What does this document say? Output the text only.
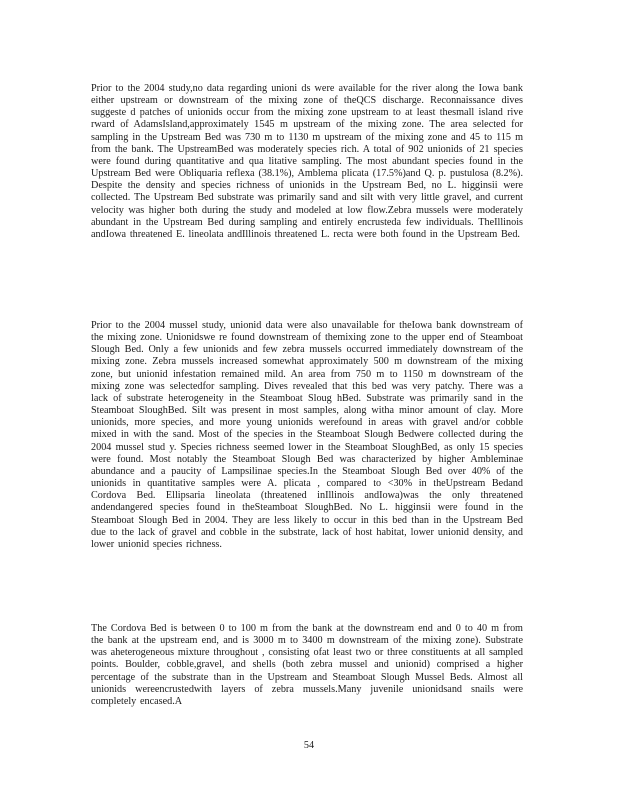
Prior to the 2004 study,no data regarding unioni ds were available for the river along the Iowa bank either upstream or downstream of the mixing zone of theQCS discharge. Reconnaissance dives suggeste d patches of unionids occur from the mixing zone upstream to at least thesmall island rive rward of AdamsIsland,approximately 1545 m upstream of the mixing zone. The area selected for sampling in the Upstream Bed was 730 m to 1130 m upstream of the mixing zone and 45 to 115 m from the bank. The UpstreamBed was moderately species rich. A total of 902 unionids of 21 species were found during quantitative and qua litative sampling. The most abundant species found in the Upstream Bed were Obliquaria reflexa (38.1%), Amblema plicata (17.5%)and Q. p. pustulosa (8.2%). Despite the density and species richness of unionids in the Upstream Bed, no L. higginsii were collected. The Upstream Bed substrate was primarily sand and silt with very little gravel, and current velocity was higher both during the study and modeled at low flow.Zebra mussels were moderately abundant in the Upstream Bed during sampling and entirely encrusteda few individuals. TheIllinois andIowa threatened E. lineolata andIllinois threatened L. recta were both found in the Upstream Bed.

Prior to the 2004 mussel study, unionid data were also unavailable for theIowa bank downstream of the mixing zone. Unionidswe re found downstream of themixing zone to the upper end of Steamboat Slough Bed. Only a few unionids and few zebra mussels occurred immediately downstream of the mixing zone. Zebra mussels increased somewhat approximately 500 m downstream of the mixing zone, but unionid infestation remained mild. An area from 750 m to 1150 m downstream of the mixing zone was selectedfor sampling. Dives revealed that this bed was very patchy. There was a lack of substrate heterogeneity in the Steamboat Sloug hBed. Substrate was primarily sand in the Steamboat SloughBed. Silt was present in most samples, along witha minor amount of clay. More unionids, more species, and more young unionids werefound in areas with gravel and/or cobble mixed in with the sand. Most of the species in the Steamboat Slough Bedwere collected during the 2004 mussel stud y. Species richness seemed lower in the Steamboat SloughBed, as only 15 species were found. Most notably the Steamboat Slough Bed was characterized by higher Ambleminae abundance and a paucity of Lampsilinae species.In the Steamboat Slough Bed over 40% of the unionids in quantitative samples were A. plicata , compared to <30% in theUpstream Bedand Cordova Bed. Ellipsaria lineolata (threatened inIllinois andIowa)was the only threatened andendangered species found in theSteamboat SloughBed. No L. higginsii were found in the Steamboat Slough Bed in 2004. They are less likely to occur in this bed than in the Upstream Bed due to the lack of gravel and cobble in the substrate, lack of host habitat, lower unionid density, and lower unionid species richness.

The Cordova Bed is between 0 to 100 m from the bank at the downstream end and 0 to 40 m from the bank at the upstream end, and is 3000 m to 3400 m downstream of the mixing zone). Substrate was aheterogeneous mixture throughout , consisting ofat least two or three constituents at all sampled points. Boulder, cobble,gravel, and shells (both zebra mussel and unionid) comprised a higher percentage of the substrate than in the Upstream and Steamboat Slough Mussel Beds. Almost all unionids wereencrustedwith layers of zebra mussels.Many juvenile unionidsand snails were completely encased.A

54
